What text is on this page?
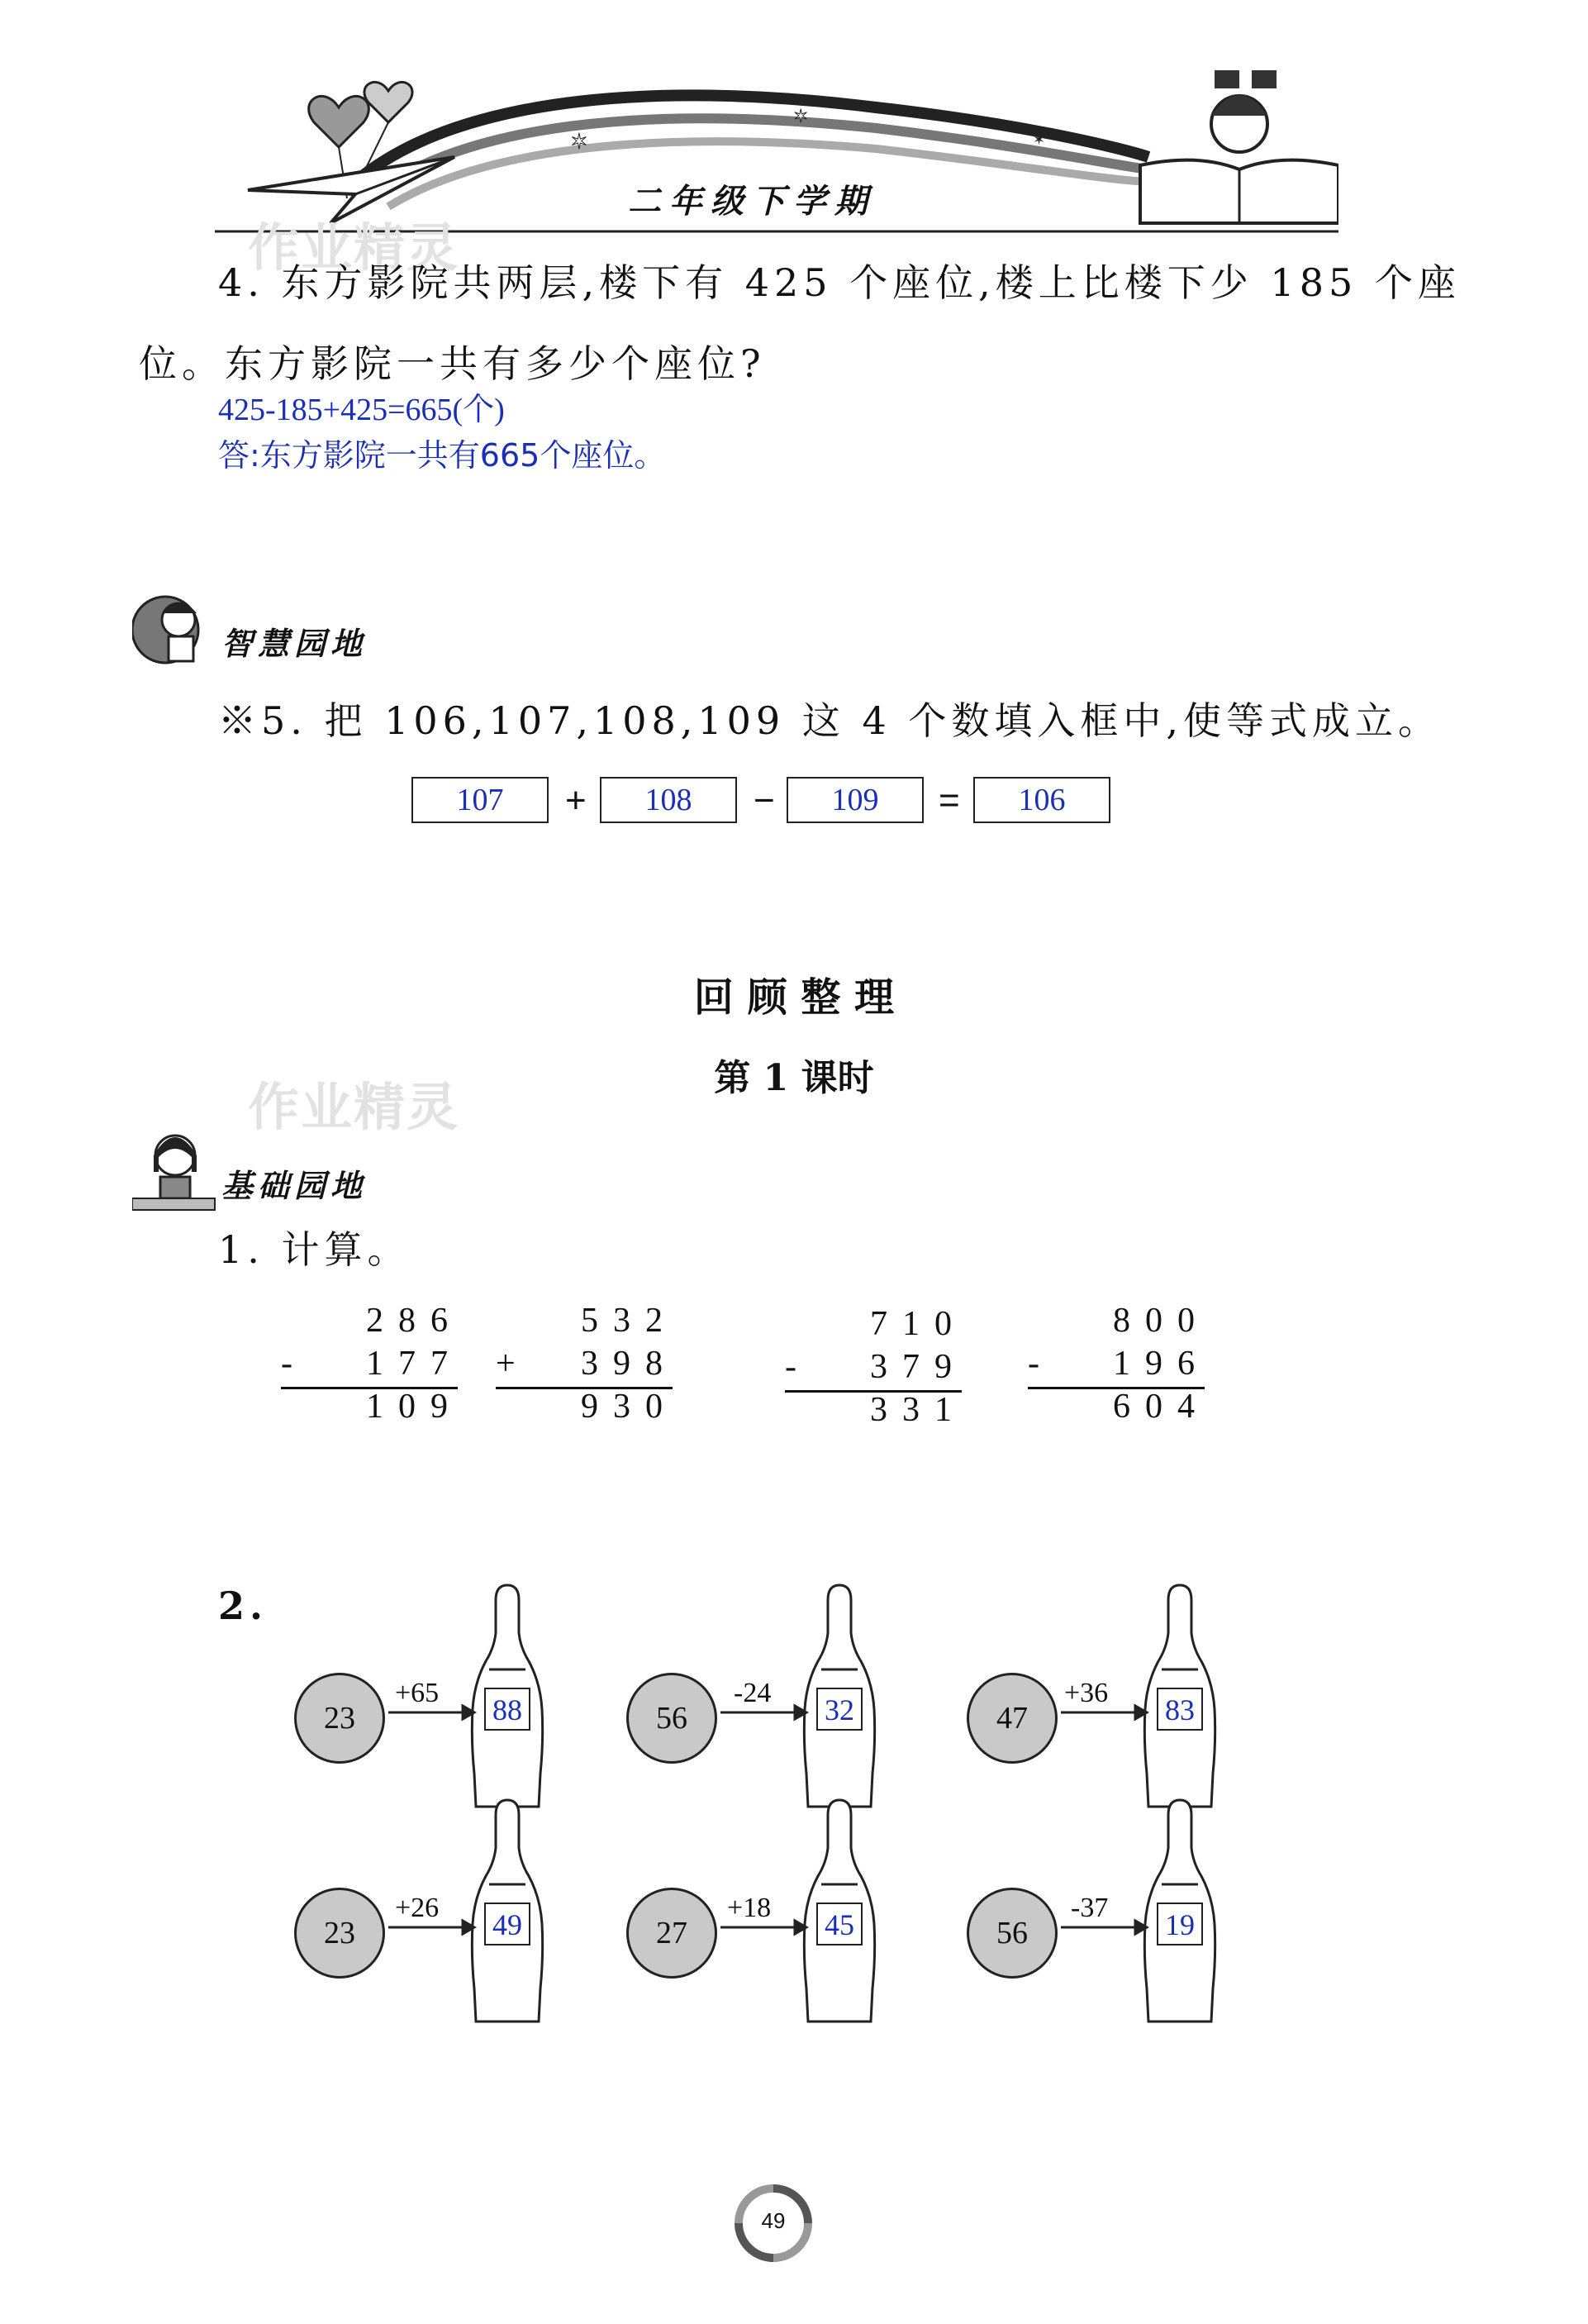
✶
✶
✶
二年级下学期
作业精灵
作业精灵
4. 东方影院共两层,楼下有 425 个座位,楼上比楼下少 185 个座
位。东方影院一共有多少个座位?
425-185+425=665(个)
答:东方影院一共有665个座位。
智慧园地
※5. 把 106,107,108,109 这 4 个数填入框中,使等式成立。
107	+	108	−	109	=	106
回 顾 整 理
第 1 课时
基础园地
1. 计算。
286
- 177
109
532
+ 398
930
710
- 379
331
800
- 196
604
2.
23
+65
88	56
-24
32	47
+36
83
23
+26
49	27
+18
45	56
-37
19
49
